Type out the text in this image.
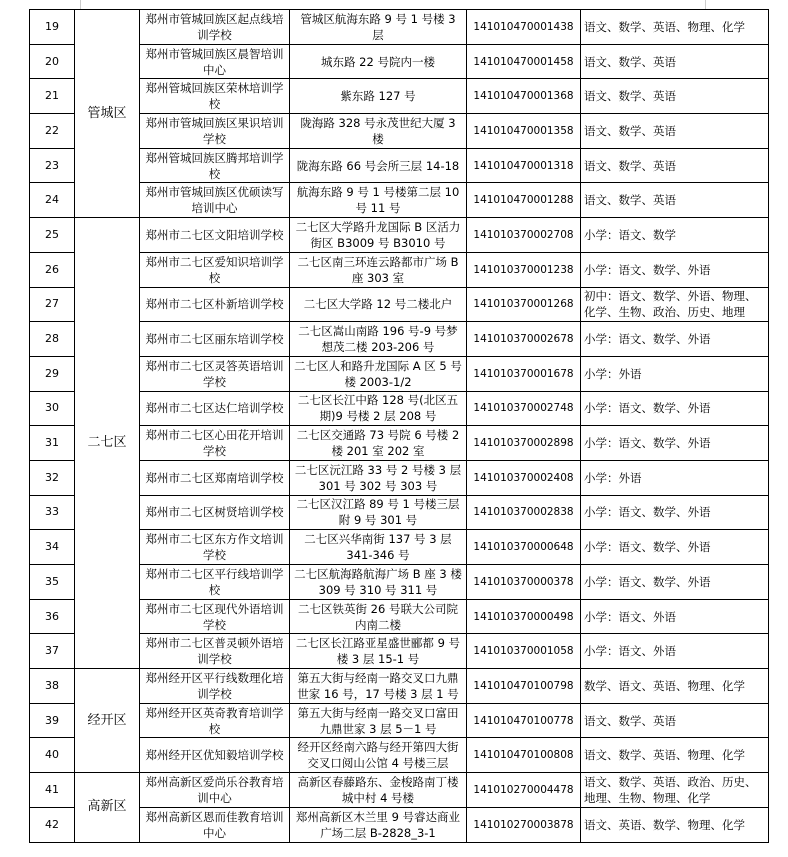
19	管城区	郑州市管城回族区起点线培训学校	管城区航海东路 9 号 1 号楼 3 层	141010470001438	语文、数学、英语、物理、化学
20		郑州市管城回族区晨智培训中心	城东路 22 号院内一楼	141010470001458	语文、数学、英语
21		郑州管城回族区荣林培训学校	紫东路 127 号	141010470001368	语文、数学、英语
22		郑州市管城回族区果识培训学校	陇海路 328 号永茂世纪大厦 3 楼	141010470001358	语文、数学、英语
23		郑州管城回族区腾邦培训学校	陇海东路 66 号会所三层 14-18	141010470001318	语文、数学、英语
24		郑州市管城回族区优硕读写培训中心	航海东路 9 号 1 号楼第二层 10 号 11 号	141010470001288	语文、数学、英语
25	二七区	郑州市二七区文阳培训学校	二七区大学路升龙国际 B 区活力街区 B3009 号 B3010 号	141010370002708	小学：语文、数学
26		郑州市二七区爱知识培训学校	二七区南三环连云路都市广场 B 座 303 室	141010370001238	小学：语文、数学、外语
27		郑州市二七区朴新培训学校	二七区大学路 12 号二楼北户	141010370001268	初中：语文、数学、外语、物理、化学、生物、政治、历史、地理
28		郑州市二七区丽东培训学校	二七区嵩山南路 196 号-9 号梦想茂二楼 203-206 号	141010370002678	小学：语文、数学、外语
29		郑州市二七区灵答英语培训学校	二七区人和路升龙国际 A 区 5 号楼 2003-1/2	141010370001678	小学：外语
30		郑州市二七区达仁培训学校	二七区长江中路 128 号(北区五期)9 号楼 2 层 208 号	141010370002748	小学：语文、数学、外语
31		郑州市二七区心田花开培训学校	二七区交通路 73 号院 6 号楼 2 楼 201 室 202 室	141010370002898	小学：语文、数学、外语
32		郑州市二七区郑南培训学校	二七区沅江路 33 号 2 号楼 3 层 301 号 302 号 303 号	141010370002408	小学：外语
33		郑州市二七区树贤培训学校	二七区汉江路 89 号 1 号楼三层附 9 号 301 号	141010370002838	小学：语文、数学、外语
34		郑州市二七区东方作文培训学校	二七区兴华南街 137 号 3 层 341-346 号	141010370000648	小学：语文、数学、外语
35		郑州市二七区平行线培训学校	二七区航海路航海广场 B 座 3 楼 309 号 310 号 311 号	141010370000378	小学：语文、数学、外语
36		郑州市二七区现代外语培训学校	二七区铁英街 26 号联大公司院内南二楼	141010370000498	小学：语文、外语
37		郑州市二七区普灵顿外语培训学校	二七区长江路亚星盛世郦都 9 号楼 3 层 15-1 号	141010370001058	小学：语文、外语
38	经开区	郑州经开区平行线数理化培训学校	第五大街与经南一路交叉口九鼎世家 16 号，17 号楼 3 层 1 号	141010470100798	数学、语文、英语、物理、化学
39		郑州经开区英奇教育培训学校	第五大街与经南一路交叉口富田九鼎世家 3 层 5－1 号	141010470100778	语文、数学、英语
40		郑州经开区优知毅培训学校	经开区经南六路与经开第四大街交叉口阅山公馆 4 号楼三层	141010470100808	语文、数学、英语、物理、化学
41	高新区	郑州高新区爱尚乐谷教育培训中心	高新区春藤路东、金梭路南丁楼城中村 4 号楼	141010270004478	语文、数学、英语、政治、历史、地理、生物、物理、化学
42		郑州高新区恩而佳教育培训中心	郑州高新区木兰里 9 号睿达商业广场二层 B-2828_3-1	141010270003878	语文、英语、数学、物理、化学
